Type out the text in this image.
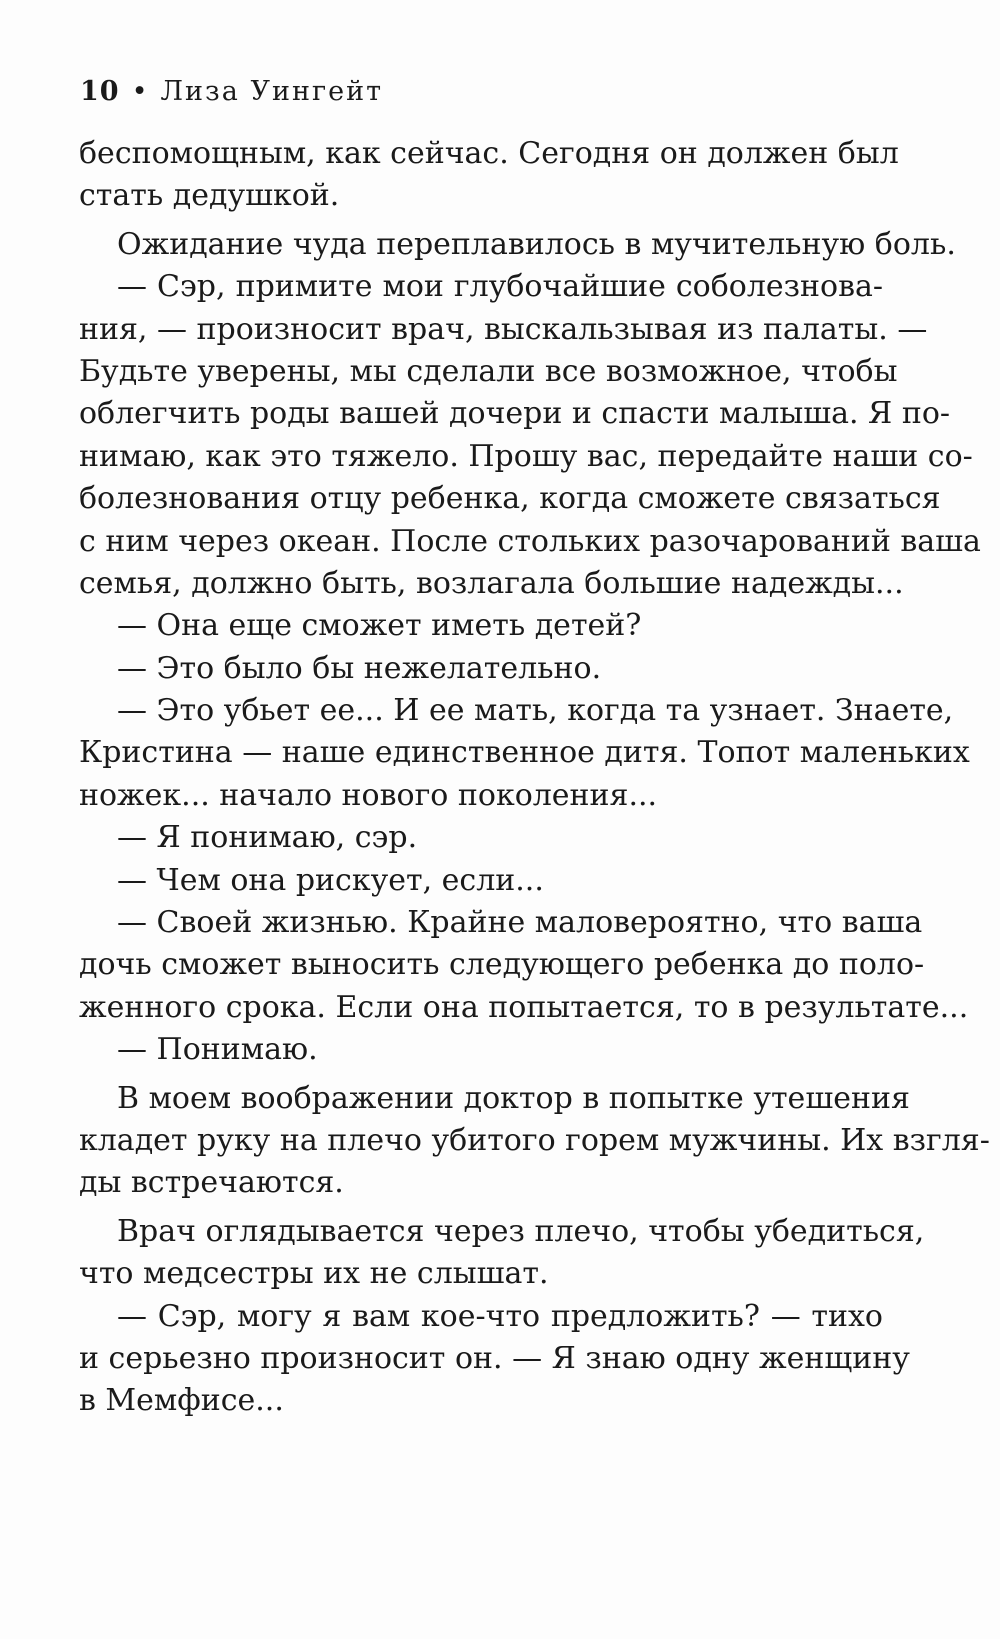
10 • Лиза Уингейт
беспомощным, как сейчас. Сегодня он должен был
стать дедушкой.
Ожидание чуда переплавилось в мучительную боль.
— Сэр, примите мои глубочайшие соболезнова-
ния, — произносит врач, выскальзывая из палаты. —
Будьте уверены, мы сделали все возможное, чтобы
облегчить роды вашей дочери и спасти малыша. Я по-
нимаю, как это тяжело. Прошу вас, передайте наши со-
болезнования отцу ребенка, когда сможете связаться
с ним через океан. После стольких разочарований ваша
семья, должно быть, возлагала большие надежды...
— Она еще сможет иметь детей?
— Это было бы нежелательно.
— Это убьет ее... И ее мать, когда та узнает. Знаете,
Кристина — наше единственное дитя. Топот маленьких
ножек... начало нового поколения...
— Я понимаю, сэр.
— Чем она рискует, если...
— Своей жизнью. Крайне маловероятно, что ваша
дочь сможет выносить следующего ребенка до поло-
женного срока. Если она попытается, то в результате...
— Понимаю.
В моем воображении доктор в попытке утешения
кладет руку на плечо убитого горем мужчины. Их взгля-
ды встречаются.
Врач оглядывается через плечо, чтобы убедиться,
что медсестры их не слышат.
— Сэр, могу я вам кое-что предложить? — тихо
и серьезно произносит он. — Я знаю одну женщину
в Мемфисе...
